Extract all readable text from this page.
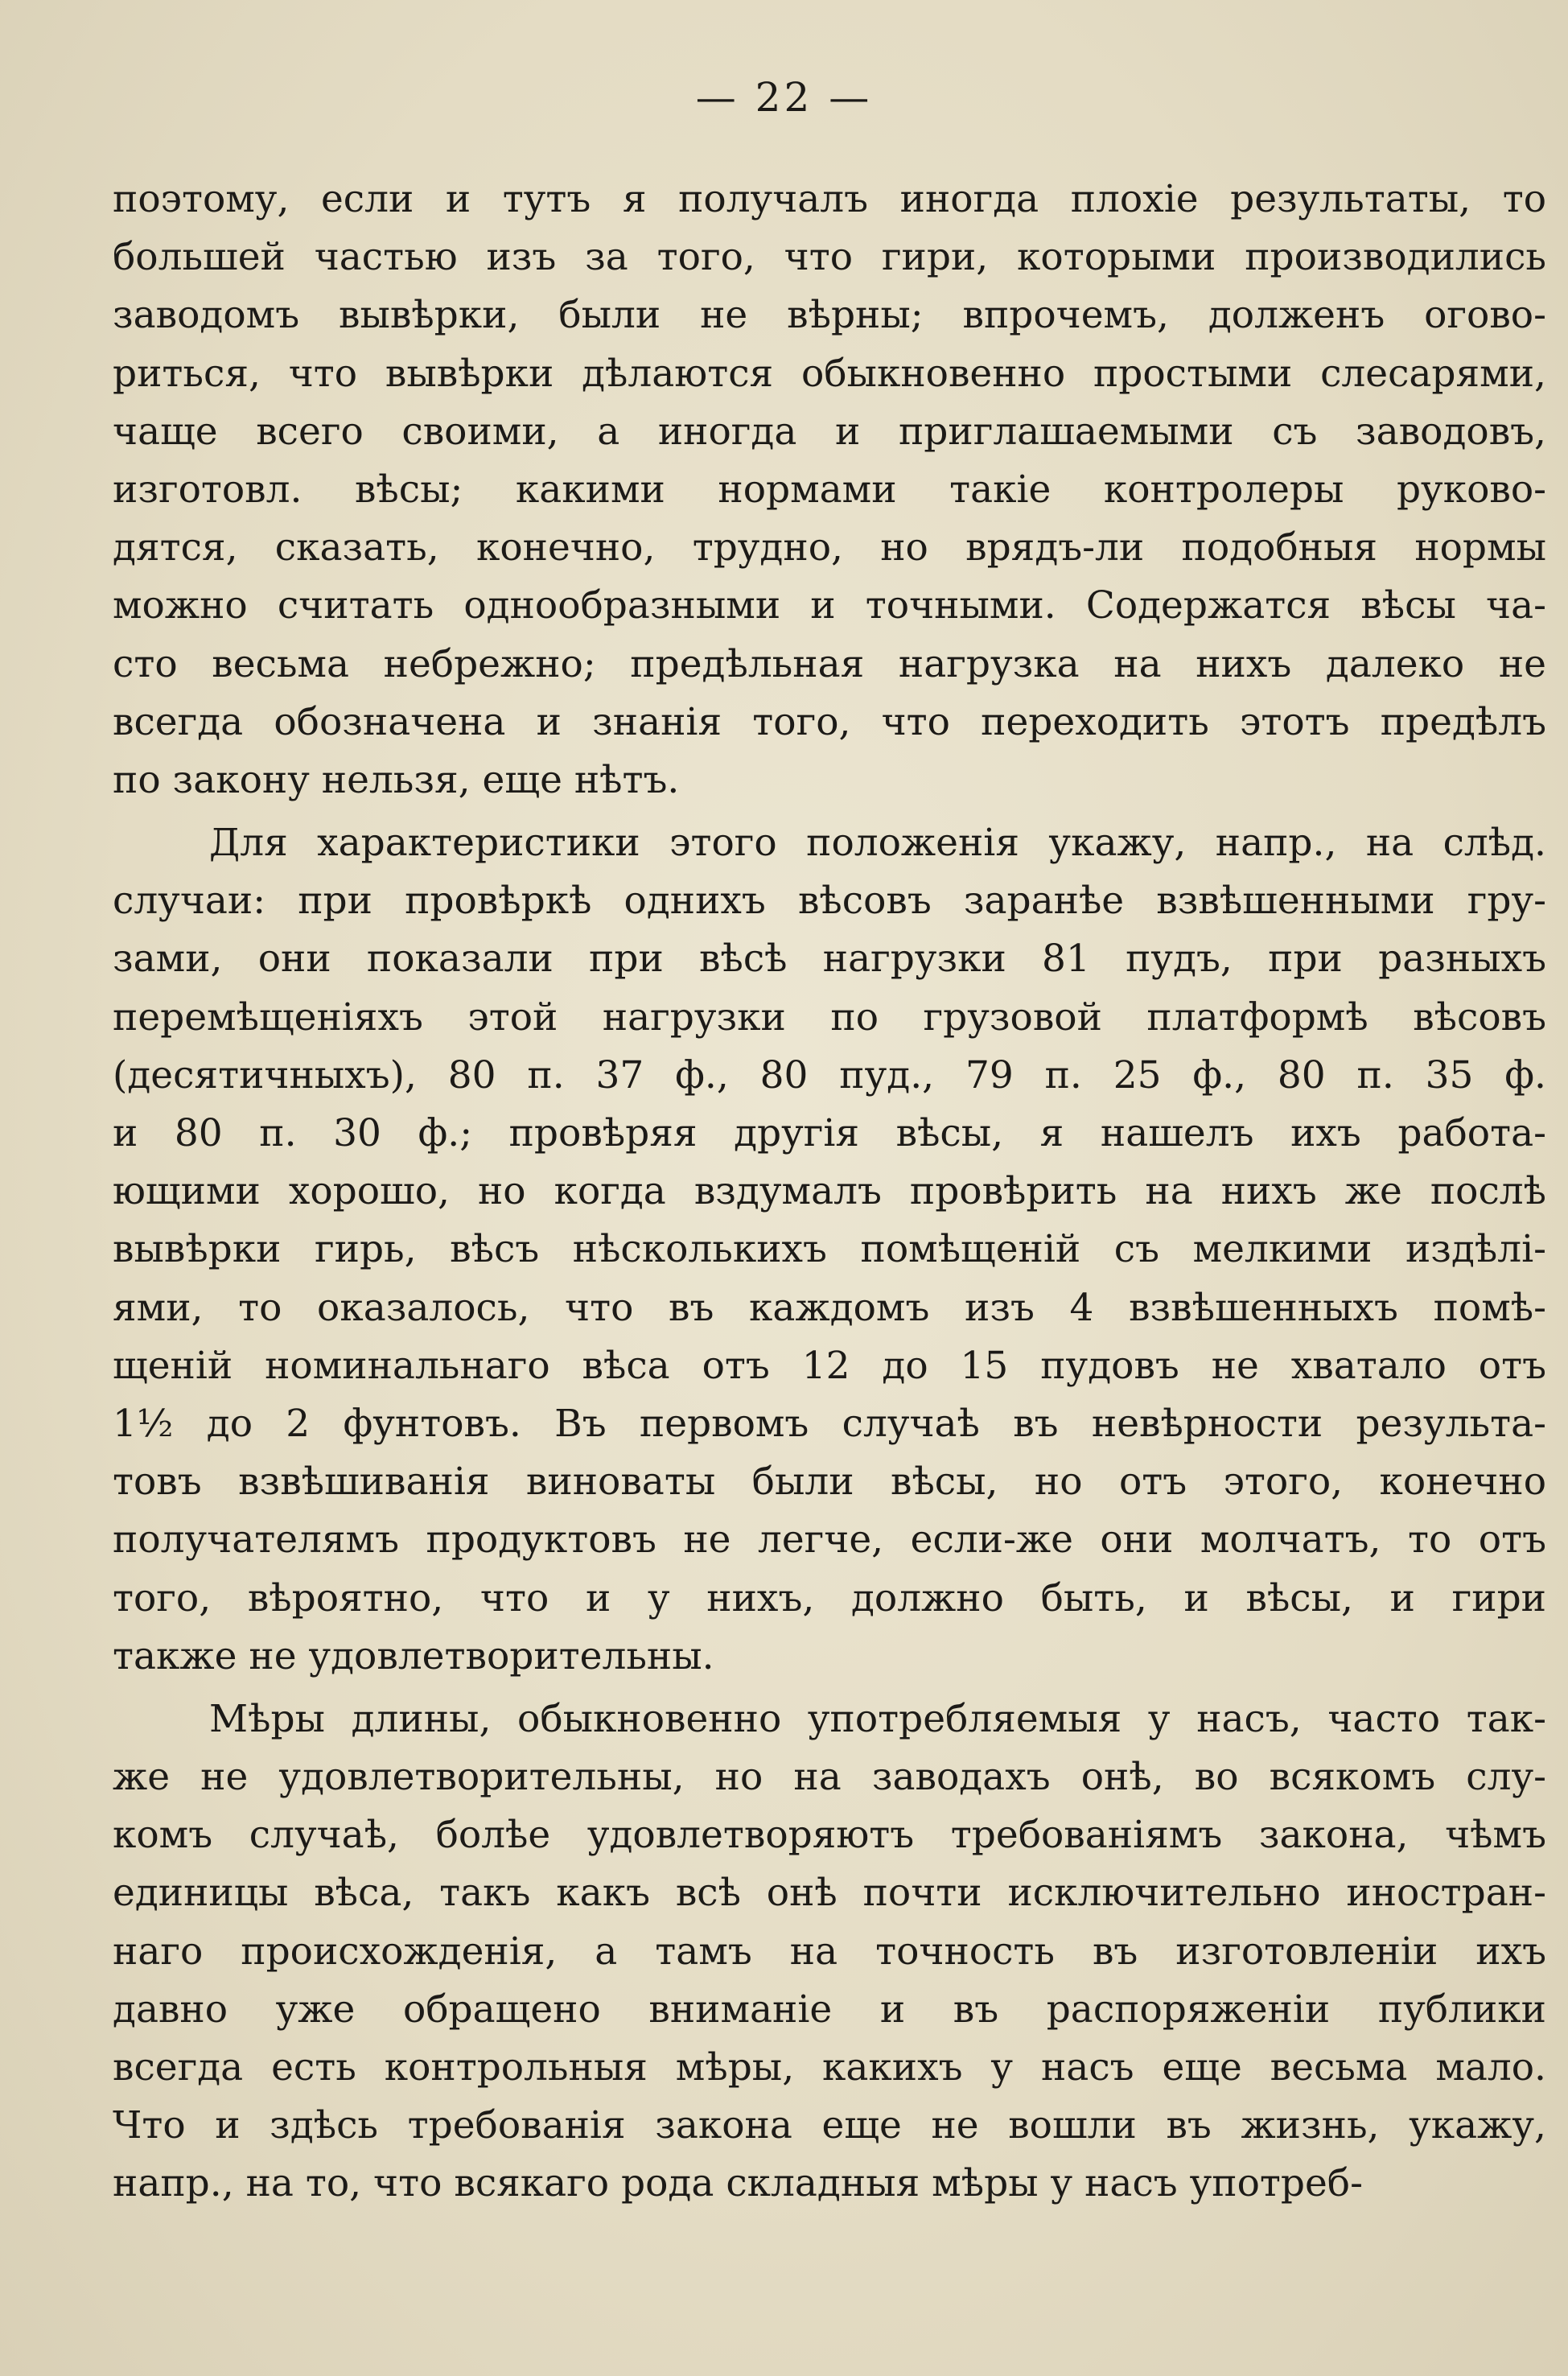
— 22 —
поэтому, если и тутъ я получалъ иногда плохіе результаты, то
большей частью изъ за того, что гири, которыми производились
заводомъ вывѣрки, были не вѣрны; впрочемъ, долженъ огово-
риться, что вывѣрки дѣлаются обыкновенно простыми слесарями,
чаще всего своими, а иногда и приглашаемыми съ заводовъ,
изготовл. вѣсы; какими нормами такіе контролеры руково-
дятся, сказать, конечно, трудно, но врядъ-ли подобныя нормы
можно считать однообразными и точными. Содержатся вѣсы ча-
сто весьма небрежно; предѣльная нагрузка на нихъ далеко не
всегда обозначена и знанія того, что переходить этотъ предѣлъ
по закону нельзя, еще нѣтъ.
Для характеристики этого положенія укажу, напр., на слѣд.
случаи: при провѣркѣ однихъ вѣсовъ заранѣе взвѣшенными гру-
зами, они показали при вѣсѣ нагрузки 81 пудъ, при разныхъ
перемѣщеніяхъ этой нагрузки по грузовой платформѣ вѣсовъ
(десятичныхъ), 80 п. 37 ф., 80 пуд., 79 п. 25 ф., 80 п. 35 ф.
и 80 п. 30 ф.; провѣряя другія вѣсы, я нашелъ ихъ работа-
ющими хорошо, но когда вздумалъ провѣрить на нихъ же послѣ
вывѣрки гирь, вѣсъ нѣсколькихъ помѣщеній съ мелкими издѣлі-
ями, то оказалось, что въ каждомъ изъ 4 взвѣшенныхъ помѣ-
щеній номинальнаго вѣса отъ 12 до 15 пудовъ не хватало отъ
1½ до 2 фунтовъ. Въ первомъ случаѣ въ невѣрности результа-
товъ взвѣшиванія виноваты были вѣсы, но отъ этого, конечно
получателямъ продуктовъ не легче, если-же они молчатъ, то отъ
того, вѣроятно, что и у нихъ, должно быть, и вѣсы, и гири
также не удовлетворительны.
Мѣры длины, обыкновенно употребляемыя у насъ, часто так-
же не удовлетворительны, но на заводахъ онѣ, во всякомъ слу-
комъ случаѣ, болѣе удовлетворяютъ требованіямъ закона, чѣмъ
единицы вѣса, такъ какъ всѣ онѣ почти исключительно иностран-
наго происхожденія, а тамъ на точность въ изготовленіи ихъ
давно уже обращено вниманіе и въ распоряженіи публики
всегда есть контрольныя мѣры, какихъ у насъ еще весьма мало.
Что и здѣсь требованія закона еще не вошли въ жизнь, укажу,
напр., на то, что всякаго рода складныя мѣры у насъ употреб-
